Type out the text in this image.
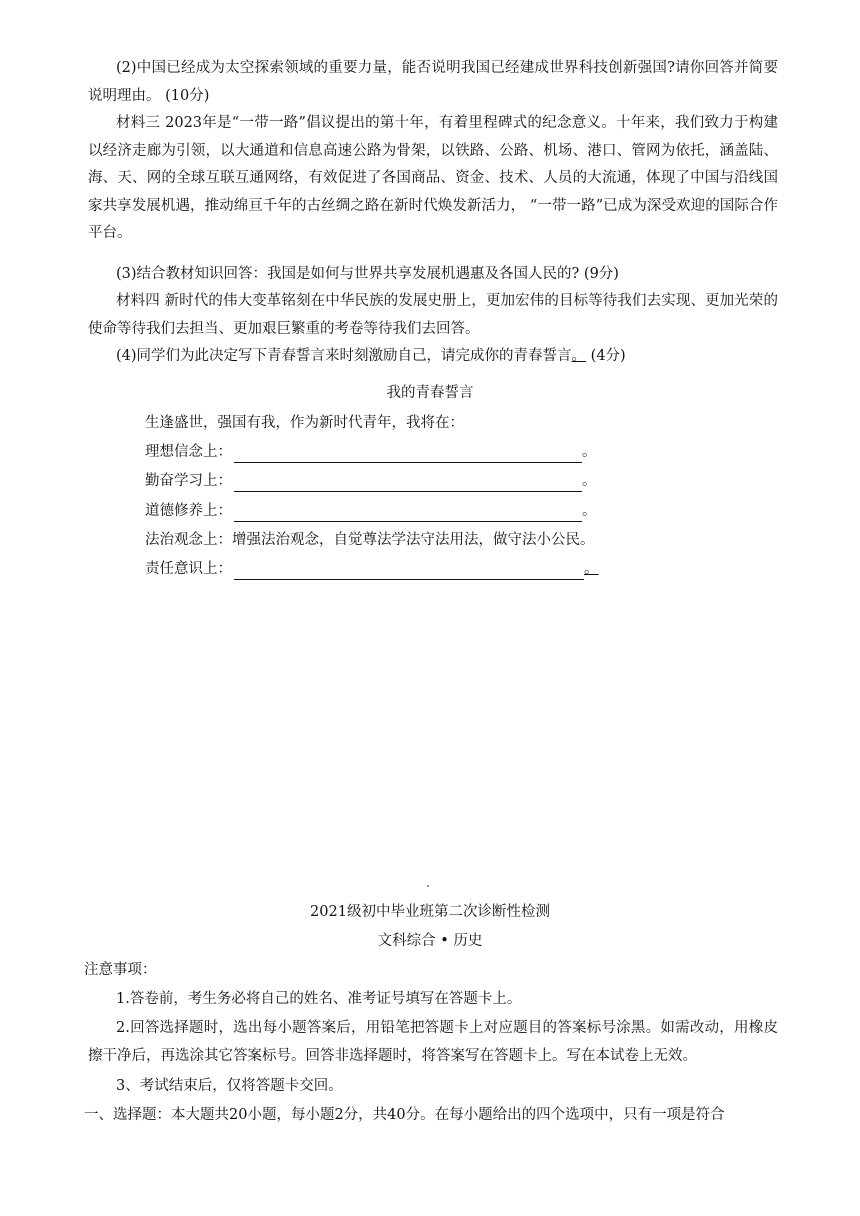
(2)中国已经成为太空探索领域的重要力量，能否说明我国已经建成世界科技创新强国?请你回答并简要说明理由。 (10分)

材料三 2023年是“一带一路”倡议提出的第十年，有着里程碑式的纪念意义。十年来，我们致力于构建以经济走廊为引领，以大通道和信息高速公路为骨架，以铁路、公路、机场、港口、管网为依托，涵盖陆、海、天、网的全球互联互通网络，有效促进了各国商品、资金、技术、人员的大流通，体现了中国与沿线国家共享发展机遇，推动绵亘千年的古丝绸之路在新时代焕发新活力， “一带一路”已成为深受欢迎的国际合作平台。

(3)结合教材知识回答：我国是如何与世界共享发展机遇惠及各国人民的? (9分)

材料四 新时代的伟大变革铭刻在中华民族的发展史册上，更加宏伟的目标等待我们去实现、更加光荣的使命等待我们去担当、更加艰巨繁重的考卷等待我们去回答。

(4)同学们为此决定写下青春誓言来时刻激励自己，请完成你的青春誓言。 (4分)

我的青春誓言
生逢盛世，强国有我，作为新时代青年，我将在：
理想信念上：	。
勤奋学习上：	。
道德修养上：	。
法治观念上：增强法治观念，自觉尊法学法守法用法，做守法小公民。
责任意识上：	。
2021级初中毕业班第二次诊断性检测
文科综合 • 历史

注意事项：

1.答卷前，考生务必将自己的姓名、准考证号填写在答题卡上。

2.回答选择题时，选出每小题答案后，用铅笔把答题卡上对应题目的答案标号涂黑。如需改动，用橡皮擦干净后，再选涂其它答案标号。回答非选择题时，将答案写在答题卡上。写在本试卷上无效。

3、考试结束后，仅将答题卡交回。

一、选择题：本大题共20小题，每小题2分，共40分。在每小题给出的四个选项中，只有一项是符合
